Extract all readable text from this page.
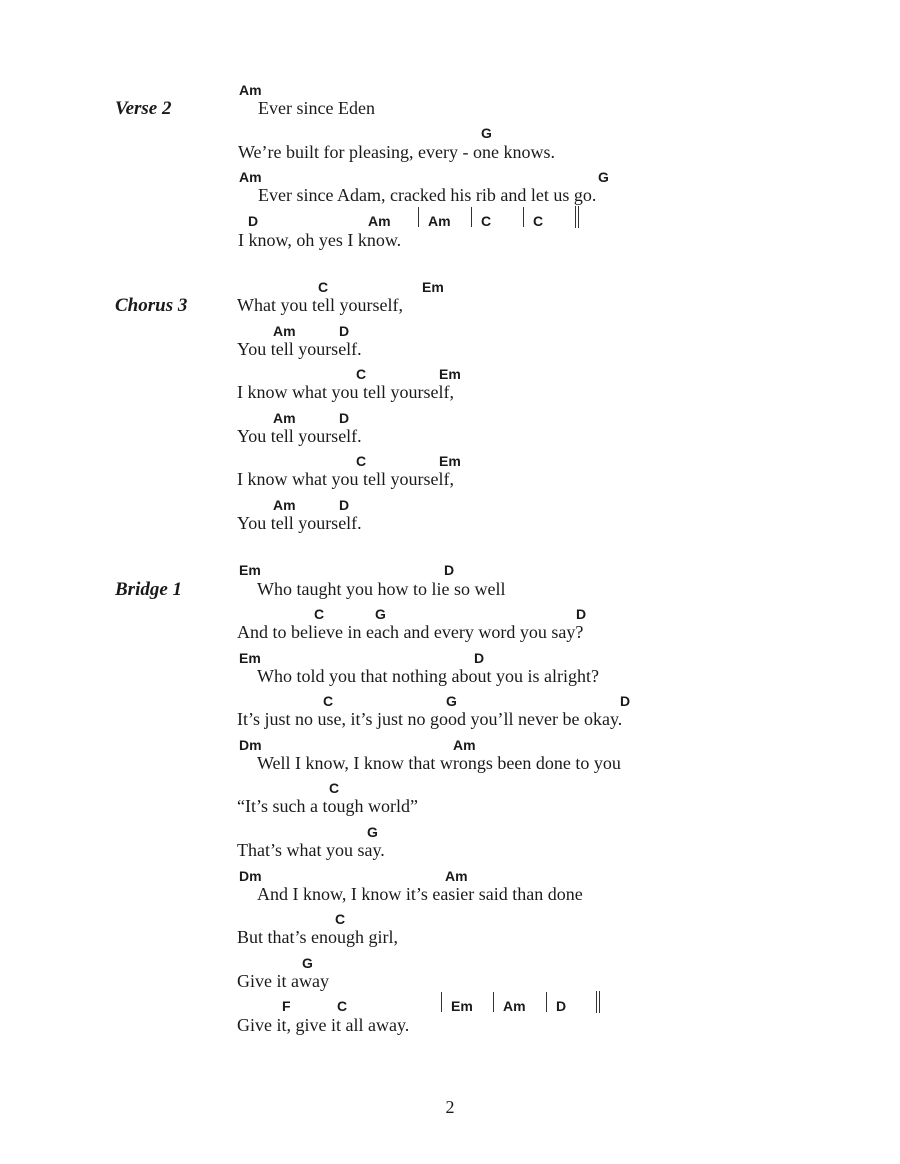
Verse 2
Am
Ever since Eden
G
We’re built for pleasing, every - one knows.
Am	G
Ever since Adam, cracked his rib and let us go.
D	Am	Am C	C
I know, oh yes I know.
Chorus 3
C	Em
What you tell yourself,
Am	D
You tell yourself.
C	Em
I know what you tell yourself,
Am	D
You tell yourself.
C	Em
I know what you tell yourself,
Am	D
You tell yourself.
Bridge 1
Em	D
Who taught you how to lie so well
C	G	D
And to believe in each and every word you say?
Em	D
Who told you that nothing about you is alright?
C	G	D
It’s just no use, it’s just no good you’ll never be okay.
Dm	Am
Well I know, I know that wrongs been done to you
C
“It’s such a tough world”
G
That’s what you say.
Dm	Am
And I know, I know it’s easier said than done
C
But that’s enough girl,
G
Give it away
F	C	Em Am D
Give it, give it all away.
2
